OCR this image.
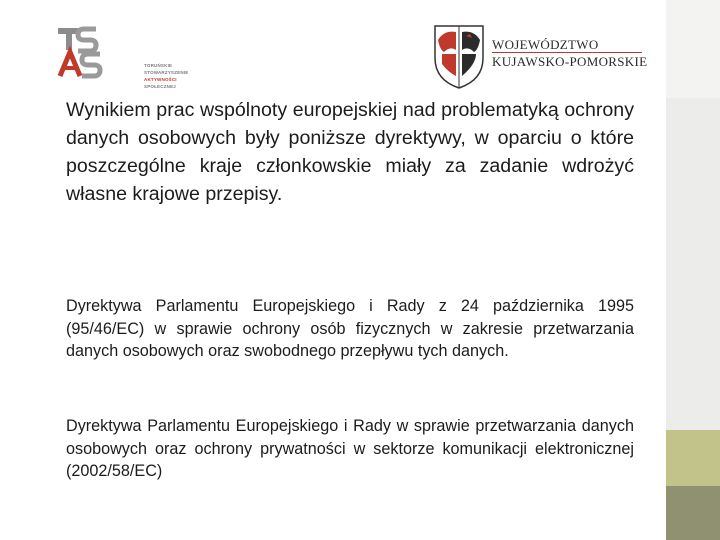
TORUŃSKIE
STOWARZYSZENIE
AKTYWNOŚCI
SPOŁECZNEJ
WOJEWÓDZTWO
KUJAWSKO-POMORSKIE

Wynikiem prac wspólnoty europejskiej nad problematyką ochrony danych osobowych były poniższe dyrektywy, w oparciu o które poszczególne kraje członkowskie miały za zadanie wdrożyć własne krajowe przepisy.

Dyrektywa Parlamentu Europejskiego i Rady z 24 października 1995 (95/46/EC) w sprawie ochrony osób fizycznych w zakresie przetwarzania danych osobowych oraz swobodnego przepływu tych danych.

Dyrektywa Parlamentu Europejskiego i Rady w sprawie przetwarzania danych osobowych oraz ochrony prywatności w sektorze komunikacji elektronicznej (2002/58/EC)
